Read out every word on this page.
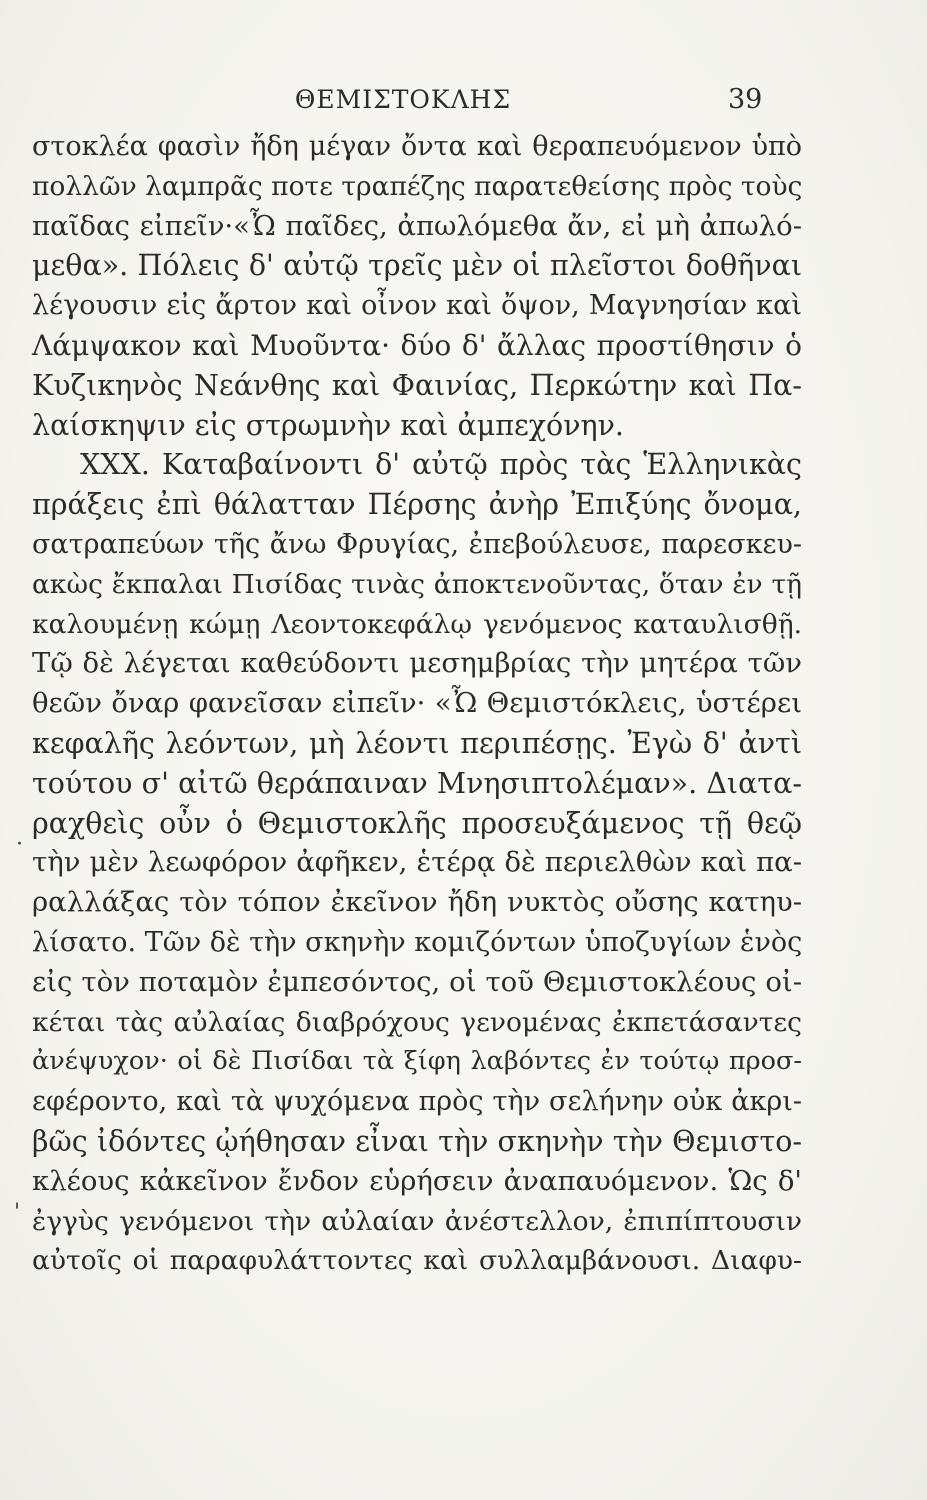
ΘΕΜΙΣΤΟΚΛΗΣ	39
·
'
στοκλέα φασὶν ἤδη μέγαν ὄντα καὶ θεραπευόμενον ὑπὸ
πολλῶν λαμπρᾶς ποτε τραπέζης παρατεθείσης πρὸς τοὺς
παῖδας εἰπεῖν·«Ὦ παῖδες, ἀπωλόμεθα ἄν, εἰ μὴ ἀπωλό-
μεθα». Πόλεις δ' αὐτῷ τρεῖς μὲν οἱ πλεῖστοι δοθῆναι
λέγουσιν εἰς ἄρτον καὶ οἶνον καὶ ὄψον, Μαγνησίαν καὶ
Λάμψακον καὶ Μυοῦντα· δύο δ' ἄλλας προστίθησιν ὁ
Κυζικηνὸς Νεάνθης καὶ Φαινίας, Περκώτην καὶ Πα-
λαίσκηψιν εἰς στρωμνὴν καὶ ἀμπεχόνην.
XXX. Καταβαίνοντι δ' αὐτῷ πρὸς τὰς Ἑλληνικὰς
πράξεις ἐπὶ θάλατταν Πέρσης ἀνὴρ Ἐπιξύης ὄνομα,
σατραπεύων τῆς ἄνω Φρυγίας, ἐπεβούλευσε, παρεσκευ-
ακὼς ἔκπαλαι Πισίδας τινὰς ἀποκτενοῦντας, ὅταν ἐν τῇ
καλουμένῃ κώμῃ Λεοντοκεφάλῳ γενόμενος καταυλισθῇ.
Τῷ δὲ λέγεται καθεύδοντι μεσημβρίας τὴν μητέρα τῶν
θεῶν ὄναρ φανεῖσαν εἰπεῖν· «Ὦ Θεμιστόκλεις, ὑστέρει
κεφαλῆς λεόντων, μὴ λέοντι περιπέσῃς. Ἐγὼ δ' ἀντὶ
τούτου σ' αἰτῶ θεράπαιναν Μνησιπτολέμαν». Διατα-
ραχθεὶς οὖν ὁ Θεμιστοκλῆς προσευξάμενος τῇ θεῷ
τὴν μὲν λεωφόρον ἀφῆκεν, ἑτέρᾳ δὲ περιελθὼν καὶ πα-
ραλλάξας τὸν τόπον ἐκεῖνον ἤδη νυκτὸς οὔσης κατηυ-
λίσατο. Τῶν δὲ τὴν σκηνὴν κομιζόντων ὑποζυγίων ἑνὸς
εἰς τὸν ποταμὸν ἐμπεσόντος, οἱ τοῦ Θεμιστοκλέους οἰ-
κέται τὰς αὐλαίας διαβρόχους γενομένας ἐκπετάσαντες
ἀνέψυχον· οἱ δὲ Πισίδαι τὰ ξίφη λαβόντες ἐν τούτῳ προσ-
εφέροντο, καὶ τὰ ψυχόμενα πρὸς τὴν σελήνην οὐκ ἀκρι-
βῶς ἰδόντες ᾠήθησαν εἶναι τὴν σκηνὴν τὴν Θεμιστο-
κλέους κἀκεῖνον ἔνδον εὑρήσειν ἀναπαυόμενον. Ὡς δ'
ἐγγὺς γενόμενοι τὴν αὐλαίαν ἀνέστελλον, ἐπιπίπτουσιν
αὐτοῖς οἱ παραφυλάττοντες καὶ συλλαμβάνουσι. Διαφυ-
